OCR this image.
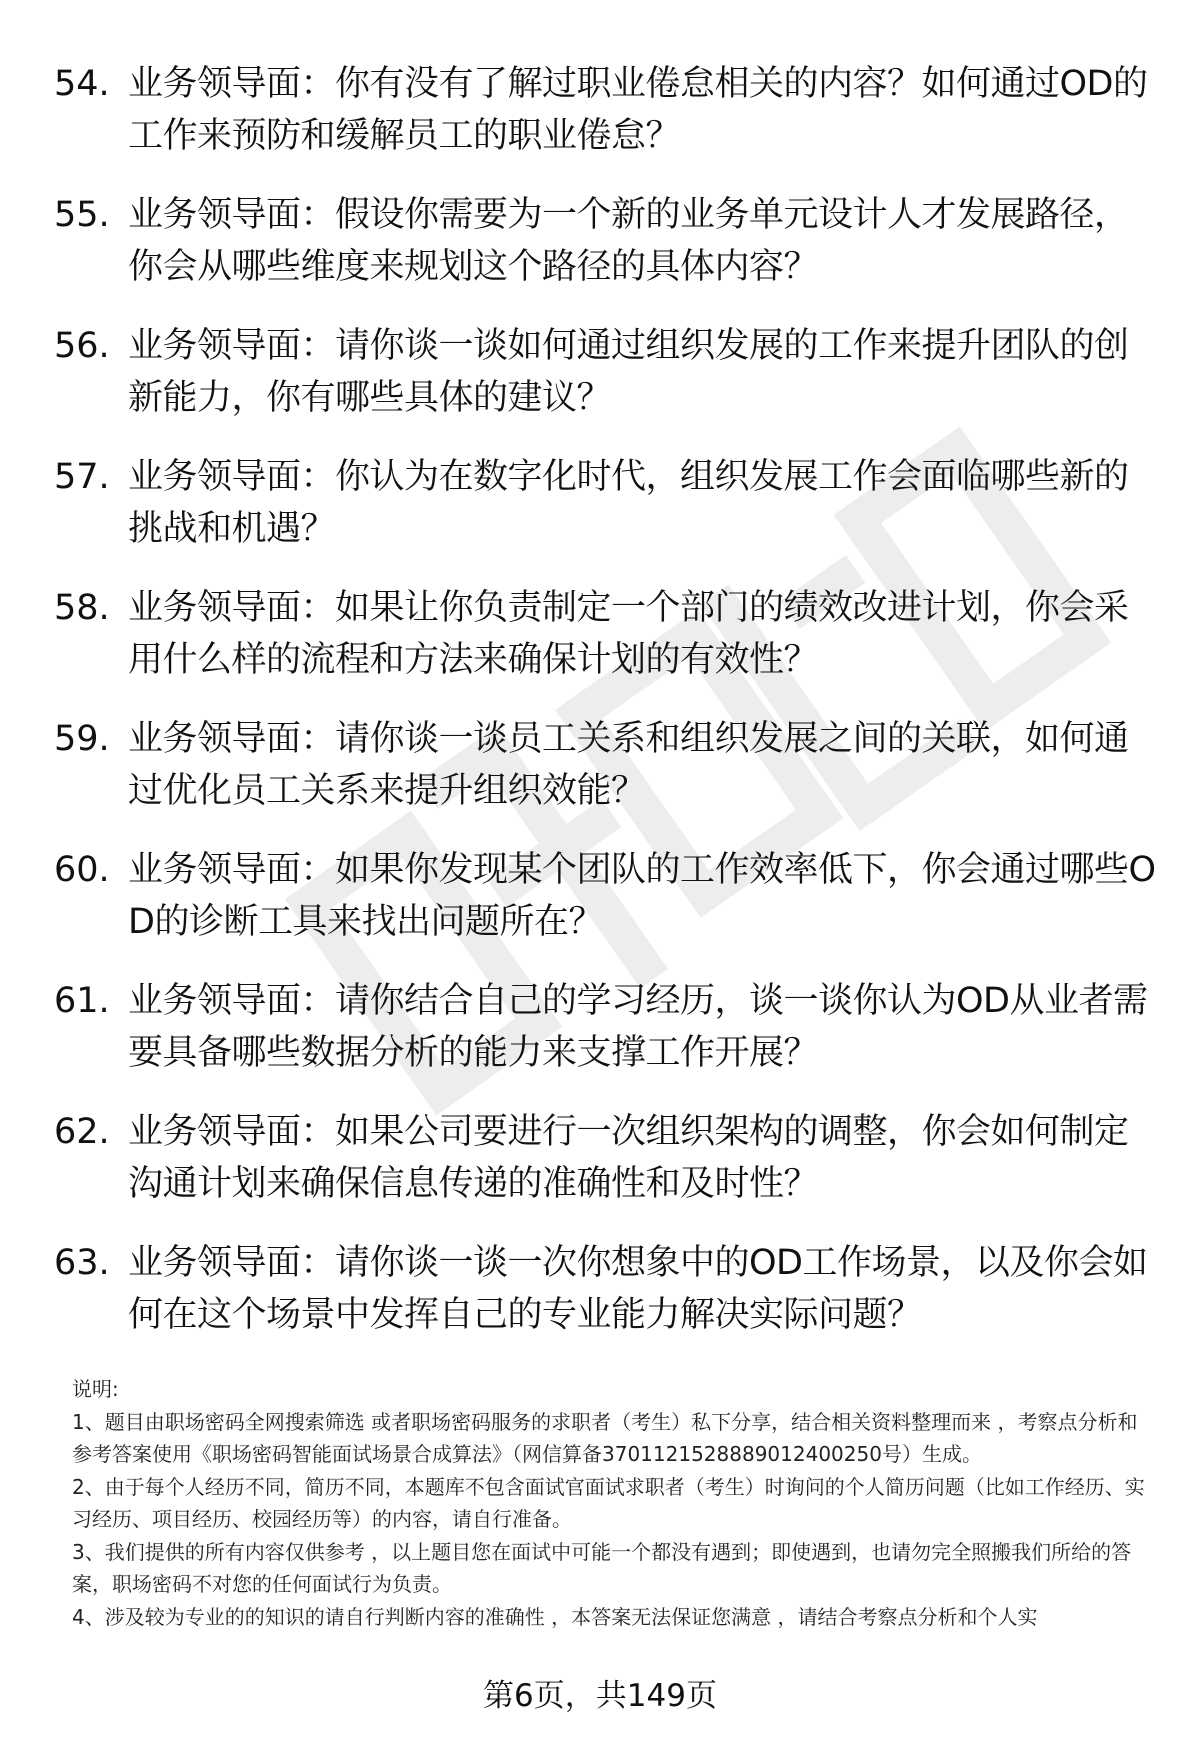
54. 业务领导面：你有没有了解过职业倦怠相关的内容？如何通过OD的工作来预防和缓解员工的职业倦怠？
55. 业务领导面：假设你需要为一个新的业务单元设计人才发展路径，你会从哪些维度来规划这个路径的具体内容？
56. 业务领导面：请你谈一谈如何通过组织发展的工作来提升团队的创新能力，你有哪些具体的建议？
57. 业务领导面：你认为在数字化时代，组织发展工作会面临哪些新的挑战和机遇？
58. 业务领导面：如果让你负责制定一个部门的绩效改进计划，你会采用什么样的流程和方法来确保计划的有效性？
59. 业务领导面：请你谈一谈员工关系和组织发展之间的关联，如何通过优化员工关系来提升组织效能？
60. 业务领导面：如果你发现某个团队的工作效率低下，你会通过哪些OD的诊断工具来找出问题所在？
61. 业务领导面：请你结合自己的学习经历，谈一谈你认为OD从业者需要具备哪些数据分析的能力来支撑工作开展？
62. 业务领导面：如果公司要进行一次组织架构的调整，你会如何制定沟通计划来确保信息传递的准确性和及时性？
63. 业务领导面：请你谈一谈一次你想象中的OD工作场景，以及你会如何在这个场景中发挥自己的专业能力解决实际问题？

说明:

1、题目由职场密码全网搜索筛选 或者职场密码服务的求职者（考生）私下分享，结合相关资料整理而来 ，考察点分析和参考答案使用《职场密码智能面试场景合成算法》（网信算备3701121528889012400250号）生成。

2、由于每个人经历不同，简历不同，本题库不包含面试官面试求职者（考生）时询问的个人简历问题（比如工作经历、实习经历、项目经历、校园经历等）的内容，请自行准备。

3、我们提供的所有内容仅供参考 ，以上题目您在面试中可能一个都没有遇到；即使遇到，也请勿完全照搬我们所给的答案，职场密码不对您的任何面试行为负责。

4、涉及较为专业的的知识的请自行判断内容的准确性 ，本答案无法保证您满意 ，请结合考察点分析和个人实

第6页，共149页
